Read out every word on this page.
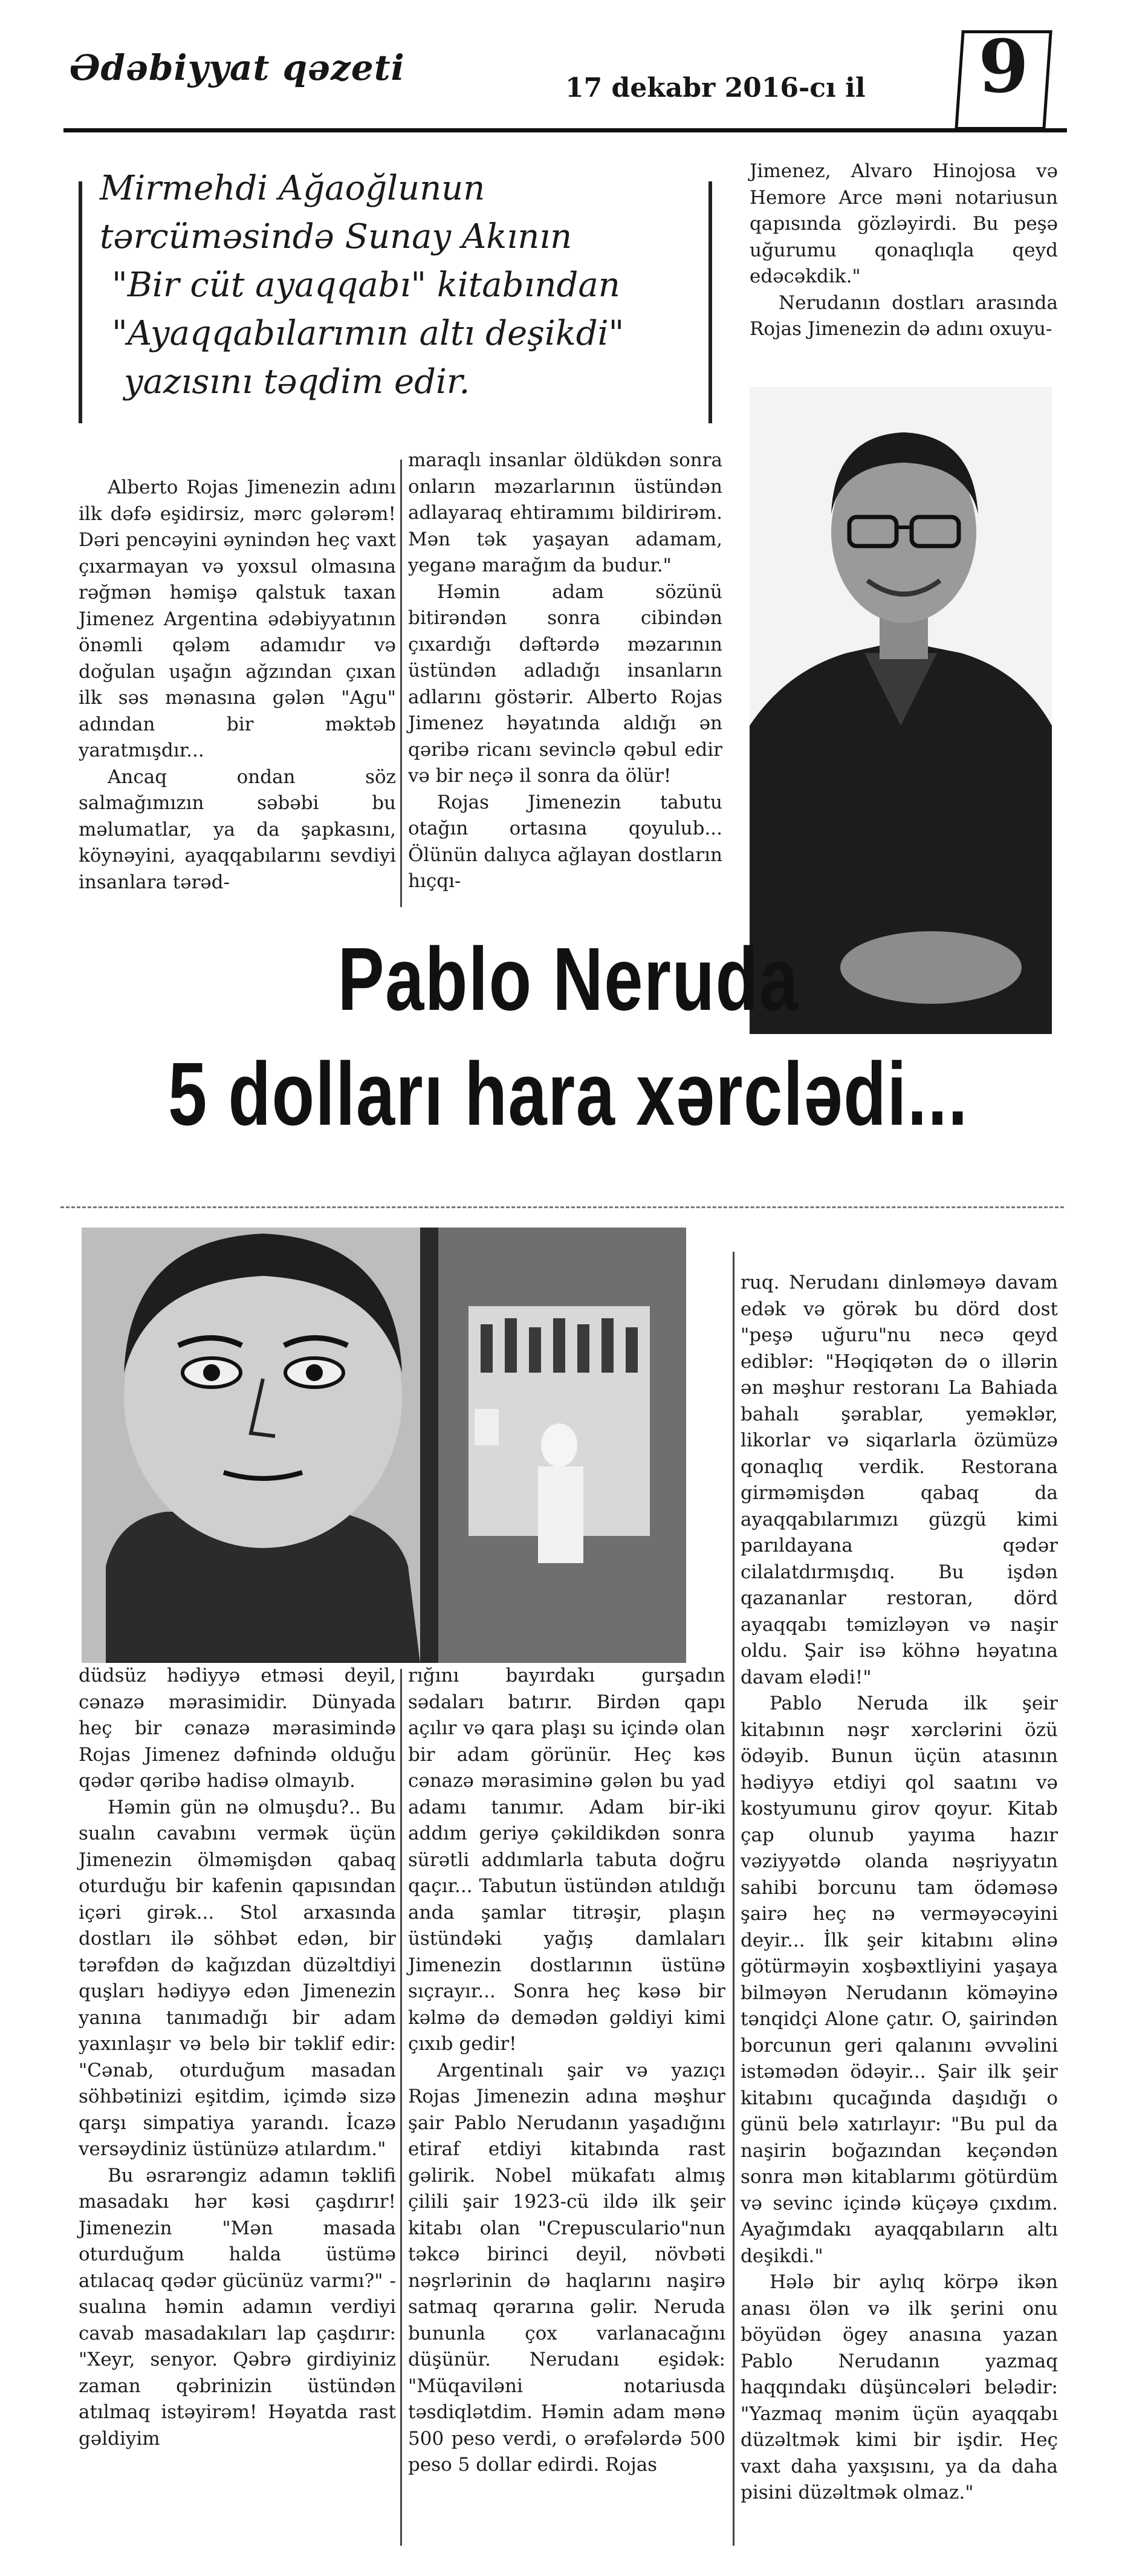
Ədəbiyyat qəzeti	17 dekabr 2016-cı il 9
Mirmehdi Ağaoğlunun
tərcüməsində Sunay Akının
"Bir cüt ayaqqabı" kitabından
"Ayaqqabılarımın altı deşikdi"
yazısını təqdim edir.

Alberto Rojas Jimenezin adını ilk dəfə eşidirsiz, mərc gələrəm! Dəri pencəyini əynindən heç vaxt çıxarmayan və yoxsul olmasına rəğmən həmişə qalstuk taxan Jimenez Argentina ədəbiyyatının önəmli qələm adamıdır və doğulan uşağın ağzından çıxan ilk səs mənasına gələn "Agu" adından bir məktəb yaratmışdır...

Ancaq ondan söz salmağımızın səbəbi bu məlumatlar, ya da şapkasını, köynəyini, ayaqqabılarını sevdiyi insanlara tərəd-

maraqlı insanlar öldükdən sonra onların məzarlarının üstündən adlayaraq ehtiramımı bildirirəm. Mən tək yaşayan adamam, yeganə marağım da budur."

Həmin adam sözünü bitirəndən sonra cibindən çıxardığı dəftərdə məzarının üstündən adladığı insanların adlarını göstərir. Alberto Rojas Jimenez həyatında aldığı ən qəribə ricanı sevinclə qəbul edir və bir neçə il sonra da ölür!

Rojas Jimenezin tabutu otağın ortasına qoyulub... Ölünün dalıyca ağlayan dostların hıçqı-

Jimenez, Alvaro Hinojosa və Hemore Arce məni notariusun qapısında gözləyirdi. Bu peşə uğurumu qonaqlıqla qeyd edəcəkdik."

Nerudanın dostları arasında Rojas Jimenezin də adını oxuyu-

Pablo Neruda
5 dolları hara xərclədi...

düdsüz hədiyyə etməsi deyil, cənazə mərasimidir. Dünyada heç bir cənazə mərasimində Rojas Jimenez dəfnində olduğu qədər qəribə hadisə olmayıb.

Həmin gün nə olmuşdu?.. Bu sualın cavabını vermək üçün Jimenezin ölməmişdən qabaq oturduğu bir kafenin qapısından içəri girək... Stol arxasında dostları ilə söhbət edən, bir tərəfdən də kağızdan düzəltdiyi quşları hədiyyə edən Jimenezin yanına tanımadığı bir adam yaxınlaşır və belə bir təklif edir: "Cənab, oturduğum masadan söhbətinizi eşitdim, içimdə sizə qarşı simpatiya yarandı. İcazə versəydiniz üstünüzə atılardım."

Bu əsrarəngiz adamın təklifi masadakı hər kəsi çaşdırır! Jimenezin "Mən masada oturduğum halda üstümə atılacaq qədər gücünüz varmı?" - sualına həmin adamın verdiyi cavab masadakıları lap çaşdırır: "Xeyr, senyor. Qəbrə girdiyiniz zaman qəbrinizin üstündən atılmaq istəyirəm! Həyatda rast gəldiyim

rığını bayırdakı gurşadın sədaları batırır. Birdən qapı açılır və qara plaşı su içində olan bir adam görünür. Heç kəs cənazə mərasiminə gələn bu yad adamı tanımır. Adam bir-iki addım geriyə çəkildikdən sonra sürətli addımlarla tabuta doğru qaçır... Tabutun üstündən atıldığı anda şamlar titrəşir, plaşın üstündəki yağış damlaları Jimenezin dostlarının üstünə sıçrayır... Sonra heç kəsə bir kəlmə də demədən gəldiyi kimi çıxıb gedir!

Argentinalı şair və yazıçı Rojas Jimenezin adına məşhur şair Pablo Nerudanın yaşadığını etiraf etdiyi kitabında rast gəlirik. Nobel mükafatı almış çilili şair 1923-cü ildə ilk şeir kitabı olan "Crepusculario"nun təkcə birinci deyil, növbəti nəşrlərinin də haqlarını naşirə satmaq qərarına gəlir. Neruda bununla çox varlanacağını düşünür. Nerudanı eşidək: "Müqaviləni notariusda təsdiqlətdim. Həmin adam mənə 500 peso verdi, o ərəfələrdə 500 peso 5 dollar edirdi. Rojas

ruq. Nerudanı dinləməyə davam edək və görək bu dörd dost "peşə uğuru"nu necə qeyd ediblər: "Həqiqətən də o illərin ən məşhur restoranı La Bahiada bahalı şərablar, yeməklər, likorlar və siqarlarla özümüzə qonaqlıq verdik. Restorana girməmişdən qabaq da ayaqqabılarımızı güzgü kimi parıldayana qədər cilalatdırmışdıq. Bu işdən qazananlar restoran, dörd ayaqqabı təmizləyən və naşir oldu. Şair isə köhnə həyatına davam elədi!"

Pablo Neruda ilk şeir kitabının nəşr xərclərini özü ödəyib. Bunun üçün atasının hədiyyə etdiyi qol saatını və kostyumunu girov qoyur. Kitab çap olunub yayıma hazır vəziyyətdə olanda nəşriyyatın sahibi borcunu tam ödəməsə şairə heç nə verməyəcəyini deyir... İlk şeir kitabını əlinə götürməyin xoşbəxtliyini yaşaya bilməyən Nerudanın köməyinə tənqidçi Alone çatır. O, şairindən borcunun geri qalanını əvvəlini istəmədən ödəyir... Şair ilk şeir kitabını qucağında daşıdığı o günü belə xatırlayır: "Bu pul da naşirin boğazından keçəndən sonra mən kitablarımı götürdüm və sevinc içində küçəyə çıxdım. Ayağımdakı ayaqqabıların altı deşikdi."

Hələ bir aylıq körpə ikən anası ölən və ilk şerini onu böyüdən ögey anasına yazan Pablo Nerudanın yazmaq haqqındakı düşüncələri belədir: "Yazmaq mənim üçün ayaqqabı düzəltmək kimi bir işdir. Heç vaxt daha yaxşısını, ya da daha pisini düzəltmək olmaz."
